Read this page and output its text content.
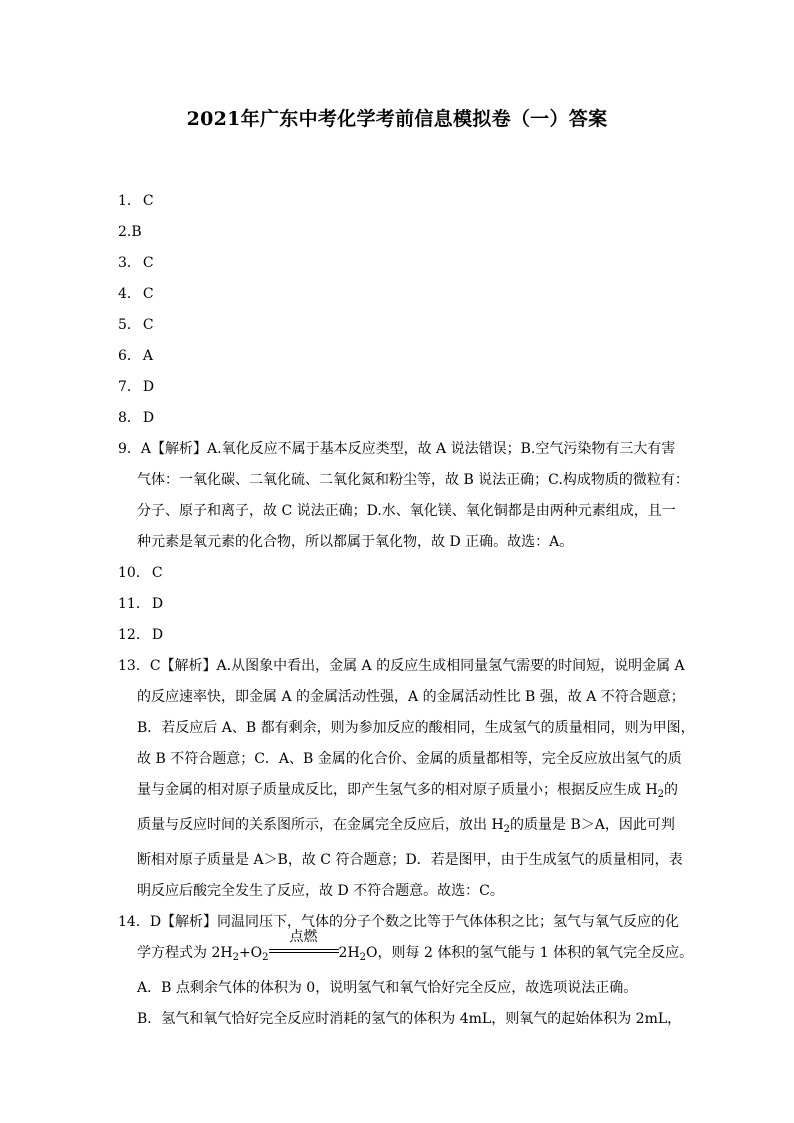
2021年广东中考化学考前信息模拟卷（一）答案
1． C
2.B
3． C
4． C
5． C
6． A
7． D
8． D
9．A【解析】A.氧化反应不属于基本反应类型，故 A 说法错误；B.空气污染物有三大有害
气体：一氧化碳、二氧化硫、二氧化氮和粉尘等，故 B 说法正确；C.构成物质的微粒有：
分子、原子和离子，故 C 说法正确；D.水、氧化镁、氧化铜都是由两种元素组成，且一
种元素是氧元素的化合物，所以都属于氧化物，故 D 正确。故选：A。
10． C
11． D
12． D
13．C【解析】A.从图象中看出，金属 A 的反应生成相同量氢气需要的时间短，说明金属 A
的反应速率快，即金属 A 的金属活动性强，A 的金属活动性比 B 强，故 A 不符合题意；
B．若反应后 A、B 都有剩余，则为参加反应的酸相同，生成氢气的质量相同，则为甲图，
故 B 不符合题意；C．A、B 金属的化合价、金属的质量都相等，完全反应放出氢气的质
量与金属的相对原子质量成反比，即产生氢气多的相对原子质量小；根据反应生成 $H_2$的
质量与反应时间的关系图所示，在金属完全反应后，放出 $H_2$的质量是 B＞A，因此可判
断相对原子质量是 A＞B，故 C 符合题意；D．若是图甲，由于生成氢气的质量相同，表
明反应后酸完全发生了反应，故 D 不符合题意。故选：C。
14．D【解析】同温同压下，气体的分子个数之比等于气体体积之比；氢气与氧气反应的化
学方程式为 $2H_2+O_2$
点燃
$2H_2O$，则每 2 体积的氢气能与 1 体积的氧气完全反应。
A．B 点剩余气体的体积为 0，说明氢气和氧气恰好完全反应，故选项说法正确。
B．氢气和氧气恰好完全反应时消耗的氢气的体积为 4mL，则氧气的起始体积为 2mL，
